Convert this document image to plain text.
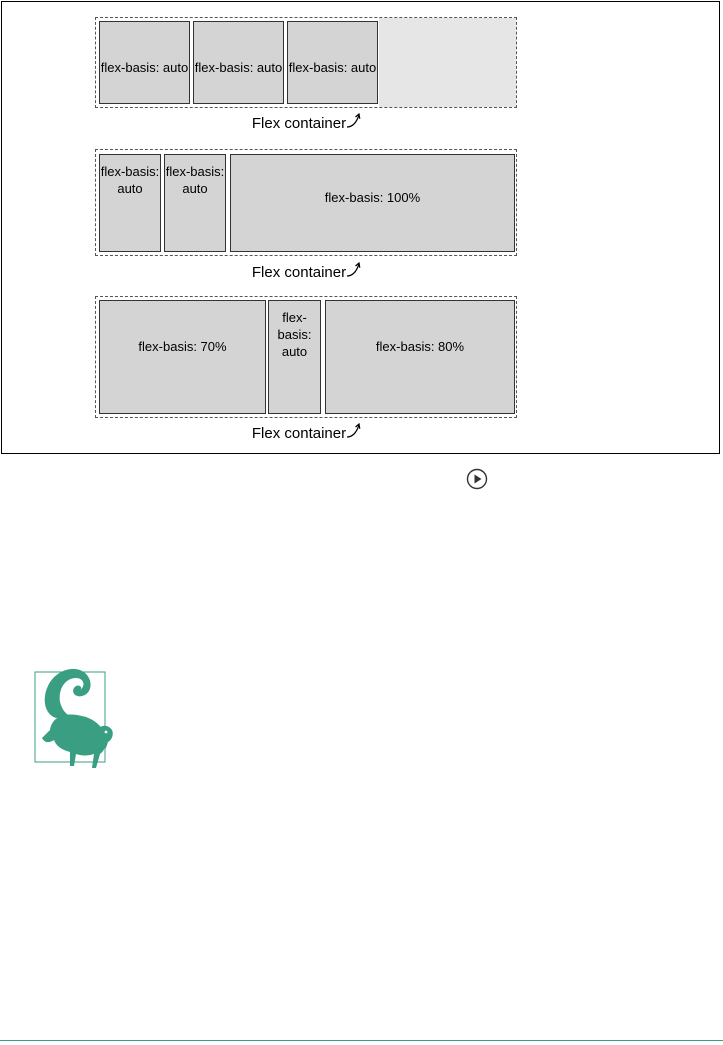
flex-basis: auto flex-basis: auto flex-basis: auto
Flex container
flex-basis: auto
flex-basis: auto
flex-basis: 100%
Flex container
flex-basis: 70%
flex-basis: auto	flex-basis: 80%
Flex container
